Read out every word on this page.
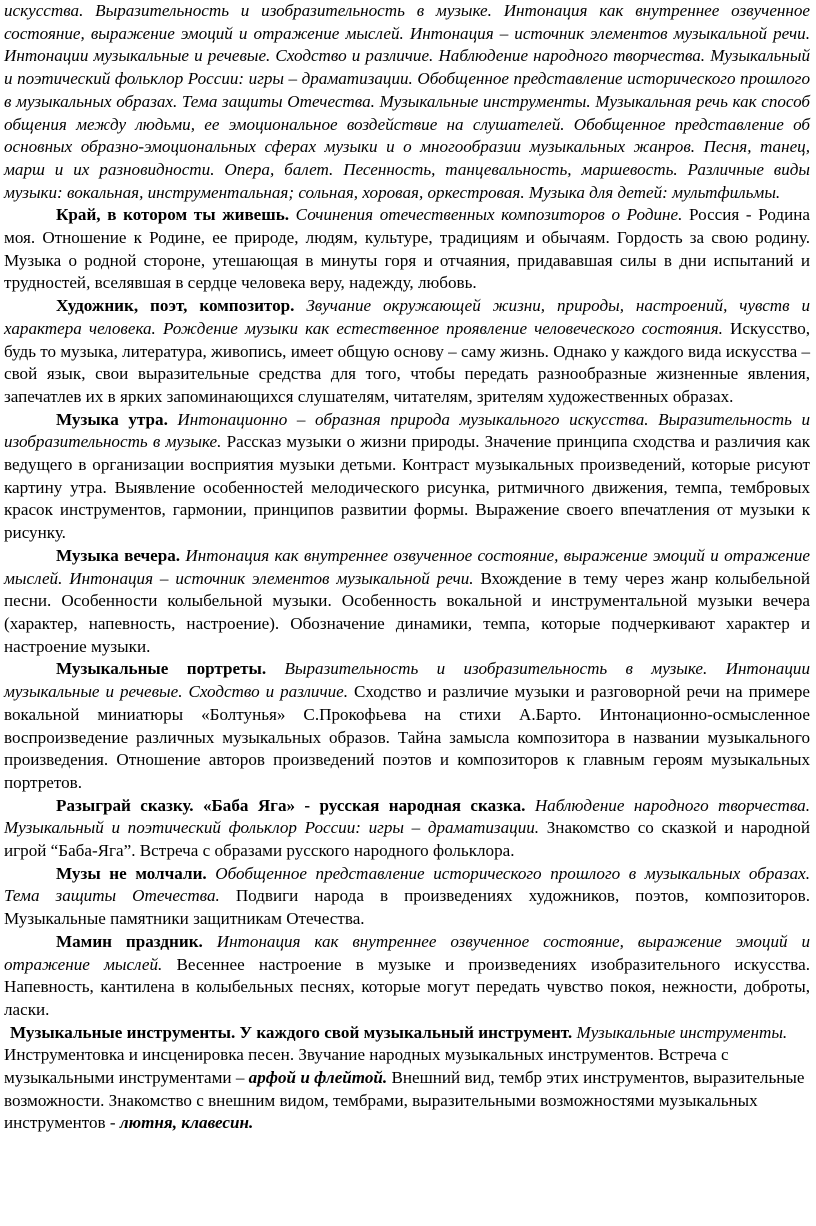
искусства. Выразительность и изобразительность в музыке. Интонация как внутреннее озвученное состояние, выражение эмоций и отражение мыслей. Интонация – источник элементов музыкальной речи. Интонации музыкальные и речевые. Сходство и различие. Наблюдение народного творчества. Музыкальный и поэтический фольклор России: игры – драматизации. Обобщенное представление исторического прошлого в музыкальных образах. Тема защиты Отечества. Музыкальные инструменты. Музыкальная речь как способ общения между людьми, ее эмоциональное воздействие на слушателей. Обобщенное представление об основных образно-эмоциональных сферах музыки и о многообразии музыкальных жанров. Песня, танец, марш и их разновидности. Опера, балет. Песенность, танцевальность, маршевость. Различные виды музыки: вокальная, инструментальная; сольная, хоровая, оркестровая. Музыка для детей: мультфильмы.

Край, в котором ты живешь. Сочинения отечественных композиторов о Родине. Россия - Родина моя. Отношение к Родине, ее природе, людям, культуре, традициям и обычаям. Гордость за свою родину. Музыка о родной стороне, утешающая в минуты горя и отчаяния, придававшая силы в дни испытаний и трудностей, вселявшая в сердце человека веру, надежду, любовь.

Художник, поэт, композитор. Звучание окружающей жизни, природы, настроений, чувств и характера человека. Рождение музыки как естественное проявление человеческого состояния. Искусство, будь то музыка, литература, живопись, имеет общую основу – саму жизнь. Однако у каждого вида искусства – свой язык, свои выразительные средства для того, чтобы передать разнообразные жизненные явления, запечатлев их в ярких запоминающихся слушателям, читателям, зрителям художественных образах.

Музыка утра. Интонационно – образная природа музыкального искусства. Выразительность и изобразительность в музыке. Рассказ музыки о жизни природы. Значение принципа сходства и различия как ведущего в организации восприятия музыки детьми. Контраст музыкальных произведений, которые рисуют картину утра. Выявление особенностей мелодического рисунка, ритмичного движения, темпа, тембровых красок инструментов, гармонии, принципов развитии формы. Выражение своего впечатления от музыки к рисунку.

Музыка вечера. Интонация как внутреннее озвученное состояние, выражение эмоций и отражение мыслей. Интонация – источник элементов музыкальной речи. Вхождение в тему через жанр колыбельной песни. Особенности колыбельной музыки. Особенность вокальной и инструментальной музыки вечера (характер, напевность, настроение). Обозначение динамики, темпа, которые подчеркивают характер и настроение музыки.

Музыкальные портреты. Выразительность и изобразительность в музыке. Интонации музыкальные и речевые. Сходство и различие. Сходство и различие музыки и разговорной речи на примере вокальной миниатюры «Болтунья» С.Прокофьева на стихи А.Барто. Интонационно-осмысленное воспроизведение различных музыкальных образов. Тайна замысла композитора в названии музыкального произведения. Отношение авторов произведений поэтов и композиторов к главным героям музыкальных портретов.

Разыграй сказку. «Баба Яга» - русская народная сказка. Наблюдение народного творчества. Музыкальный и поэтический фольклор России: игры – драматизации. Знакомство со сказкой и народной игрой “Баба-Яга”. Встреча с образами русского народного фольклора.

Музы не молчали. Обобщенное представление исторического прошлого в музыкальных образах. Тема защиты Отечества. Подвиги народа в произведениях художников, поэтов, композиторов. Музыкальные памятники защитникам Отечества.

Мамин праздник. Интонация как внутреннее озвученное состояние, выражение эмоций и отражение мыслей. Весеннее настроение в музыке и произведениях изобразительного искусства. Напевность, кантилена в колыбельных песнях, которые могут передать чувство покоя, нежности, доброты, ласки.

Музыкальные инструменты. У каждого свой музыкальный инструмент. Музыкальные инструменты. Инструментовка и инсценировка песен. Звучание народных музыкальных инструментов. Встреча с музыкальными инструментами – арфой и флейтой. Внешний вид, тембр этих инструментов, выразительные возможности. Знакомство с внешним видом, тембрами, выразительными возможностями музыкальных инструментов - лютня, клавесин.
